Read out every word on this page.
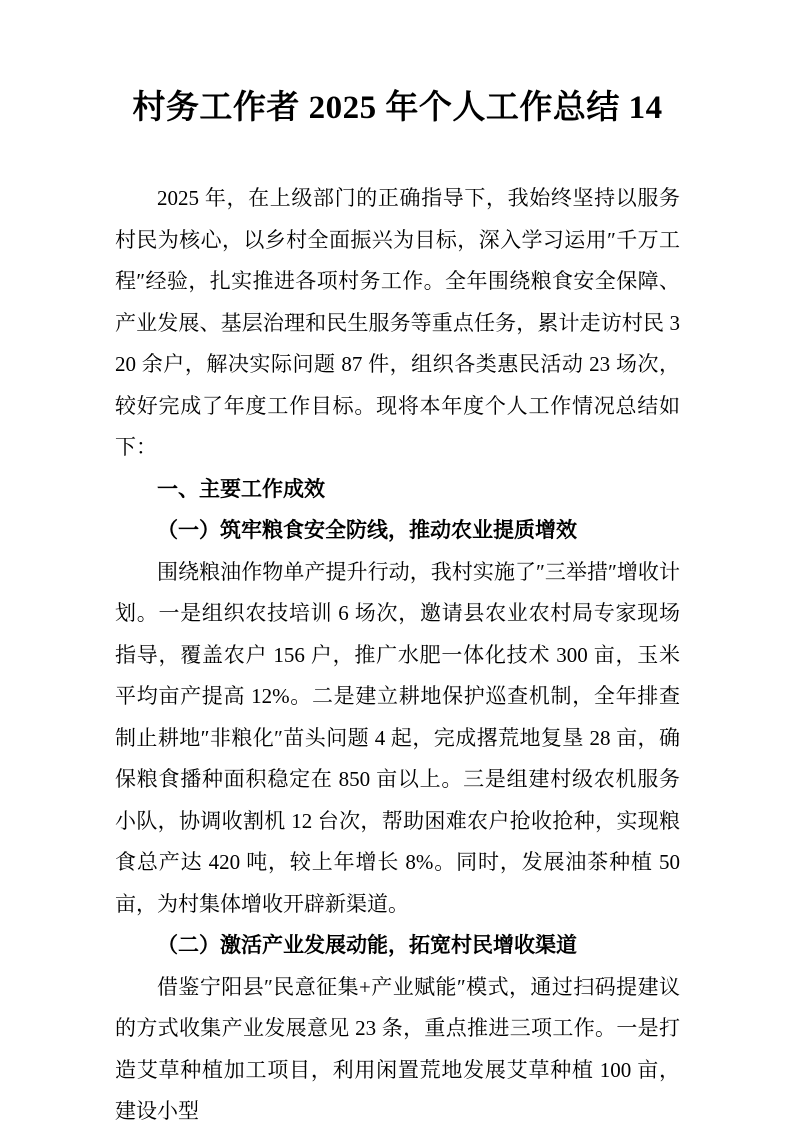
村务工作者 2025 年个人工作总结 14

2025 年，在上级部门的正确指导下，我始终坚持以服务村民为核心，以乡村全面振兴为目标，深入学习运用″千万工程″经验，扎实推进各项村务工作。全年围绕粮食安全保障、产业发展、基层治理和民生服务等重点任务，累计走访村民 320 余户，解决实际问题 87 件，组织各类惠民活动 23 场次，较好完成了年度工作目标。现将本年度个人工作情况总结如下：

一、主要工作成效

（一）筑牢粮食安全防线，推动农业提质增效

围绕粮油作物单产提升行动，我村实施了″三举措″增收计划。一是组织农技培训 6 场次，邀请县农业农村局专家现场指导，覆盖农户 156 户，推广水肥一体化技术 300 亩，玉米平均亩产提高 12%。二是建立耕地保护巡查机制，全年排查制止耕地″非粮化″苗头问题 4 起，完成撂荒地复垦 28 亩，确保粮食播种面积稳定在 850 亩以上。三是组建村级农机服务小队，协调收割机 12 台次，帮助困难农户抢收抢种，实现粮食总产达 420 吨，较上年增长 8%。同时，发展油茶种植 50 亩，为村集体增收开辟新渠道。

（二）激活产业发展动能，拓宽村民增收渠道

借鉴宁阳县″民意征集+产业赋能″模式，通过扫码提建议的方式收集产业发展意见 23 条，重点推进三项工作。一是打造艾草种植加工项目，利用闲置荒地发展艾草种植 100 亩，建设小型
